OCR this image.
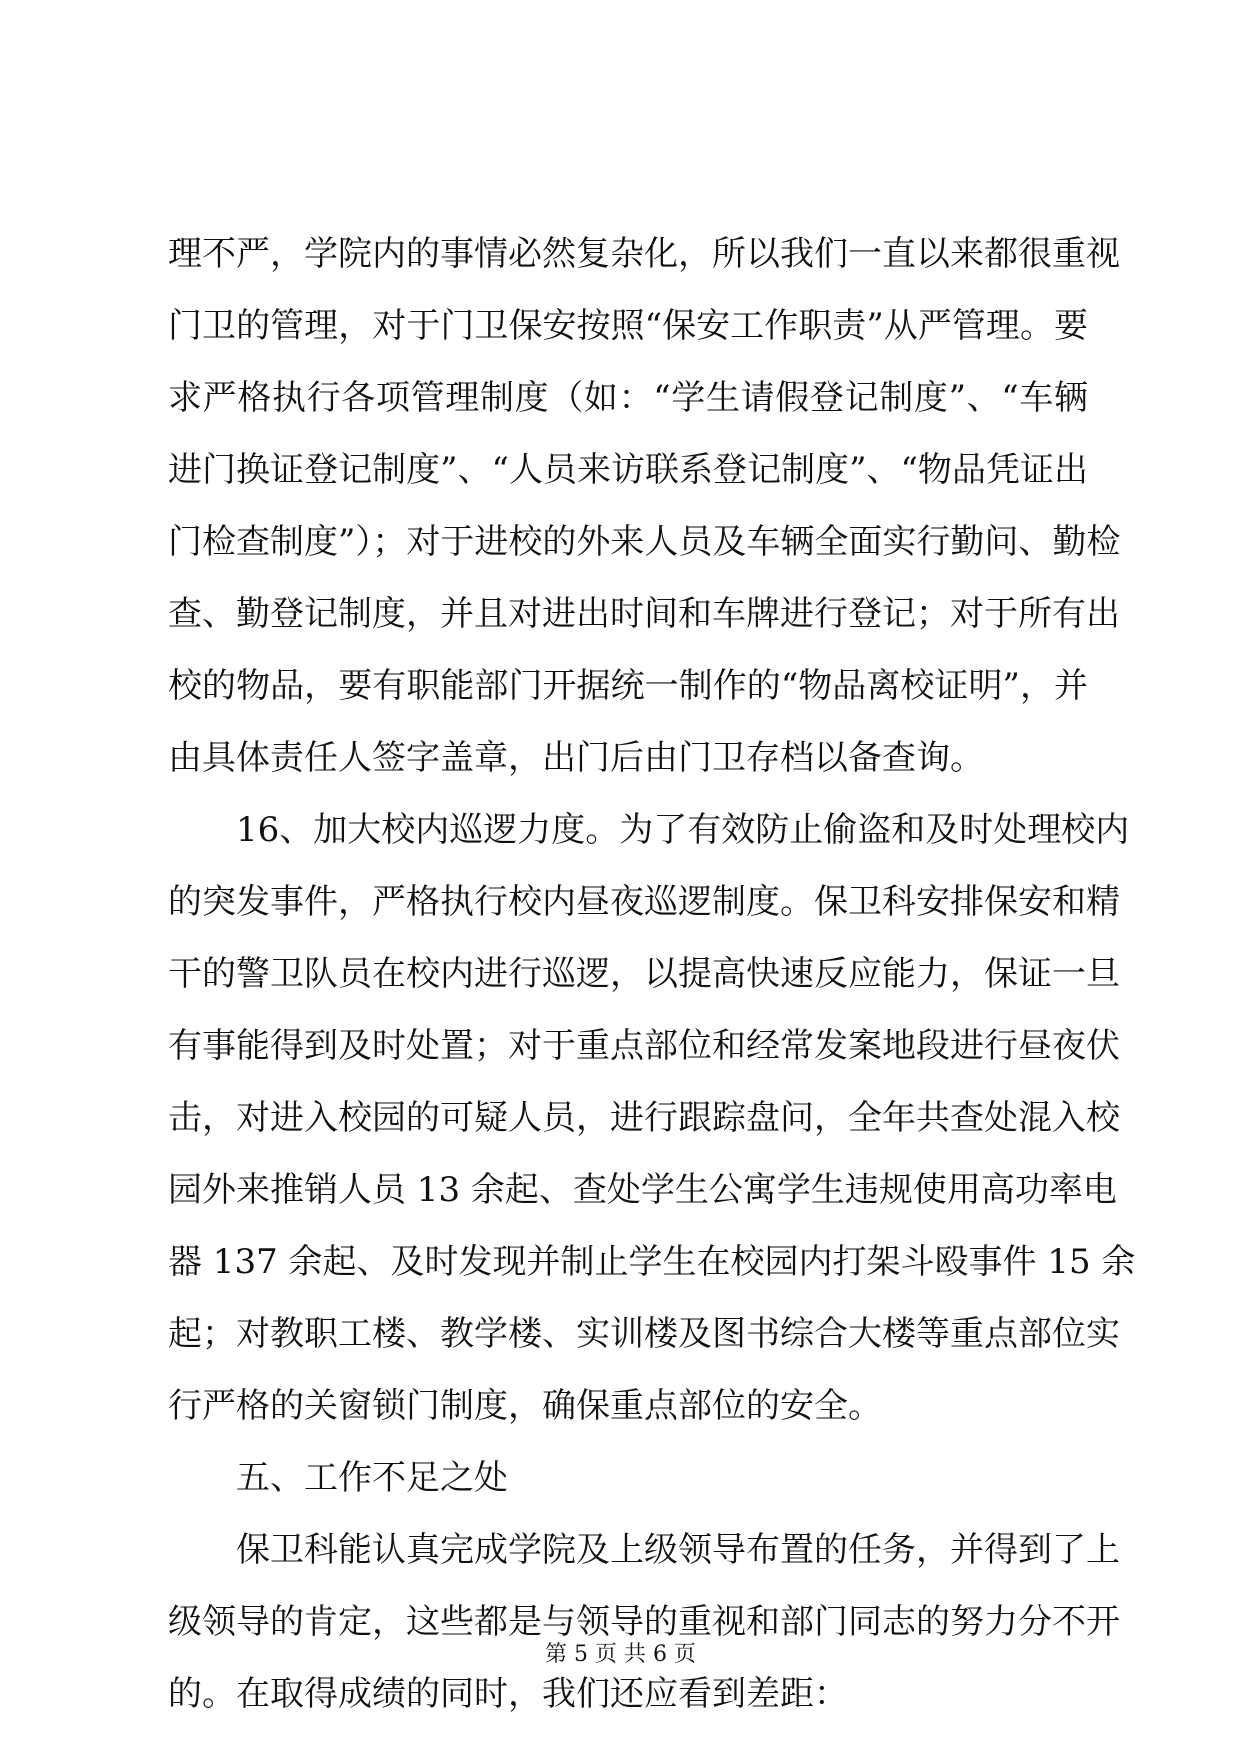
理不严，学院内的事情必然复杂化，所以我们一直以来都很重视
门卫的管理，对于门卫保安按照“保安工作职责”从严管理。要
求严格执行各项管理制度（如：“学生请假登记制度”、“车辆
进门换证登记制度”、“人员来访联系登记制度”、“物品凭证出
门检查制度”）；对于进校的外来人员及车辆全面实行勤问、勤检
查、勤登记制度，并且对进出时间和车牌进行登记；对于所有出
校的物品，要有职能部门开据统一制作的“物品离校证明”，并
由具体责任人签字盖章，出门后由门卫存档以备查询。
16、加大校内巡逻力度。为了有效防止偷盗和及时处理校内
的突发事件，严格执行校内昼夜巡逻制度。保卫科安排保安和精
干的警卫队员在校内进行巡逻，以提高快速反应能力，保证一旦
有事能得到及时处置；对于重点部位和经常发案地段进行昼夜伏
击，对进入校园的可疑人员，进行跟踪盘问，全年共查处混入校
园外来推销人员 13 余起、查处学生公寓学生违规使用高功率电
器 137 余起、及时发现并制止学生在校园内打架斗殴事件 15 余
起；对教职工楼、教学楼、实训楼及图书综合大楼等重点部位实
行严格的关窗锁门制度，确保重点部位的安全。
五、工作不足之处
保卫科能认真完成学院及上级领导布置的任务，并得到了上
级领导的肯定，这些都是与领导的重视和部门同志的努力分不开
的。在取得成绩的同时，我们还应看到差距：
第 5 页 共 6 页
